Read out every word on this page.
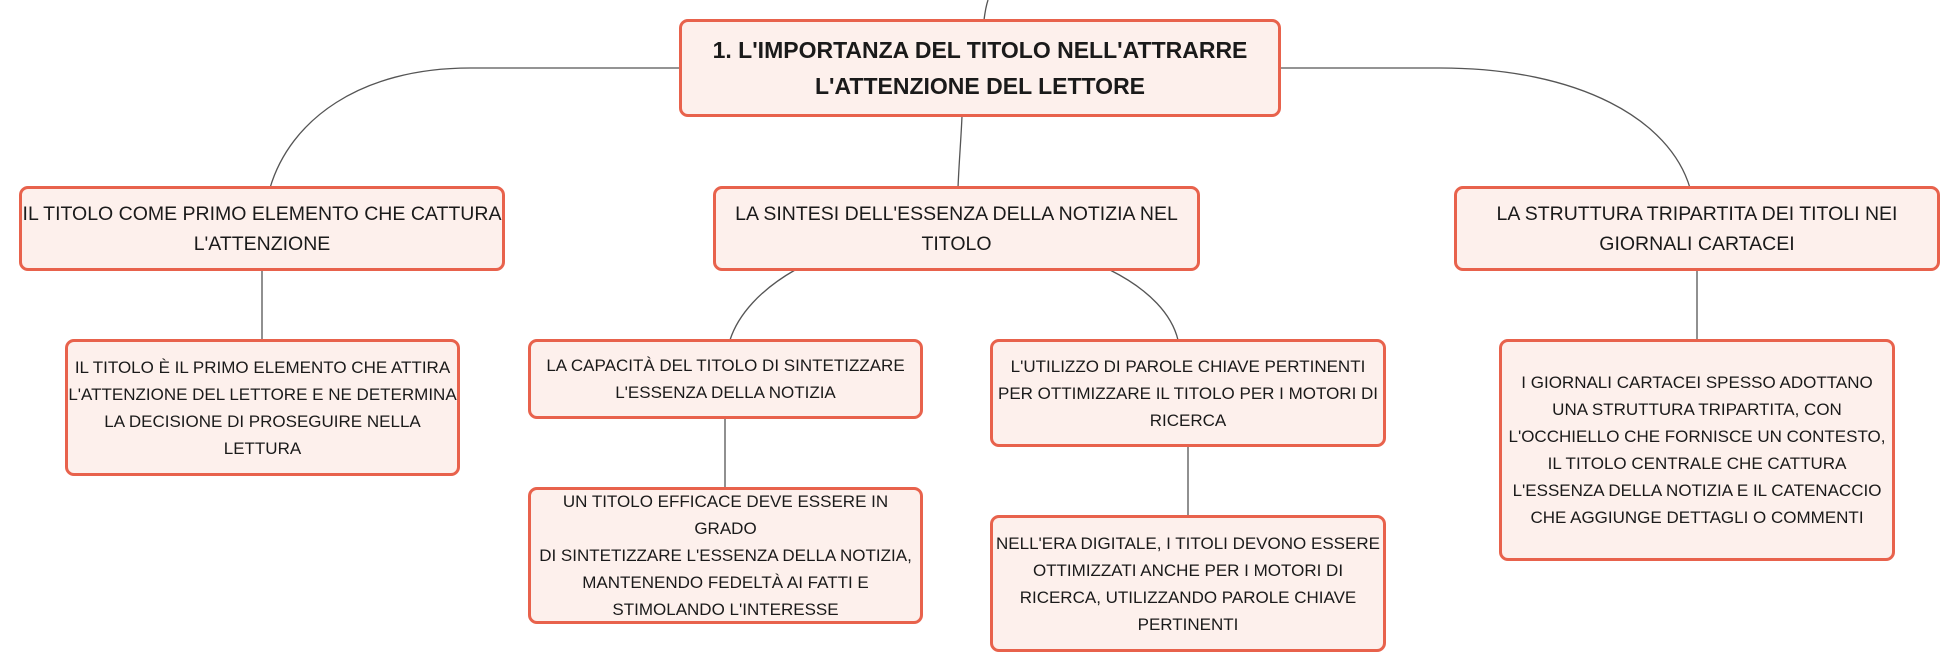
1. L'IMPORTANZA DEL TITOLO NELL'ATTRARRE
L'ATTENZIONE DEL LETTORE
IL TITOLO COME PRIMO ELEMENTO CHE CATTURA
L'ATTENZIONE
LA SINTESI DELL'ESSENZA DELLA NOTIZIA NEL
TITOLO
LA STRUTTURA TRIPARTITA DEI TITOLI NEI
GIORNALI CARTACEI
IL TITOLO È IL PRIMO ELEMENTO CHE ATTIRA
L'ATTENZIONE DEL LETTORE E NE DETERMINA
LA DECISIONE DI PROSEGUIRE NELLA
LETTURA
LA CAPACITÀ DEL TITOLO DI SINTETIZZARE
L'ESSENZA DELLA NOTIZIA
L'UTILIZZO DI PAROLE CHIAVE PERTINENTI
PER OTTIMIZZARE IL TITOLO PER I MOTORI DI
RICERCA
UN TITOLO EFFICACE DEVE ESSERE IN GRADO
DI SINTETIZZARE L'ESSENZA DELLA NOTIZIA,
MANTENENDO FEDELTÀ AI FATTI E
STIMOLANDO L'INTERESSE
NELL'ERA DIGITALE, I TITOLI DEVONO ESSERE
OTTIMIZZATI ANCHE PER I MOTORI DI
RICERCA, UTILIZZANDO PAROLE CHIAVE
PERTINENTI
I GIORNALI CARTACEI SPESSO ADOTTANO
UNA STRUTTURA TRIPARTITA, CON
L'OCCHIELLO CHE FORNISCE UN CONTESTO,
IL TITOLO CENTRALE CHE CATTURA
L'ESSENZA DELLA NOTIZIA E IL CATENACCIO
CHE AGGIUNGE DETTAGLI O COMMENTI
